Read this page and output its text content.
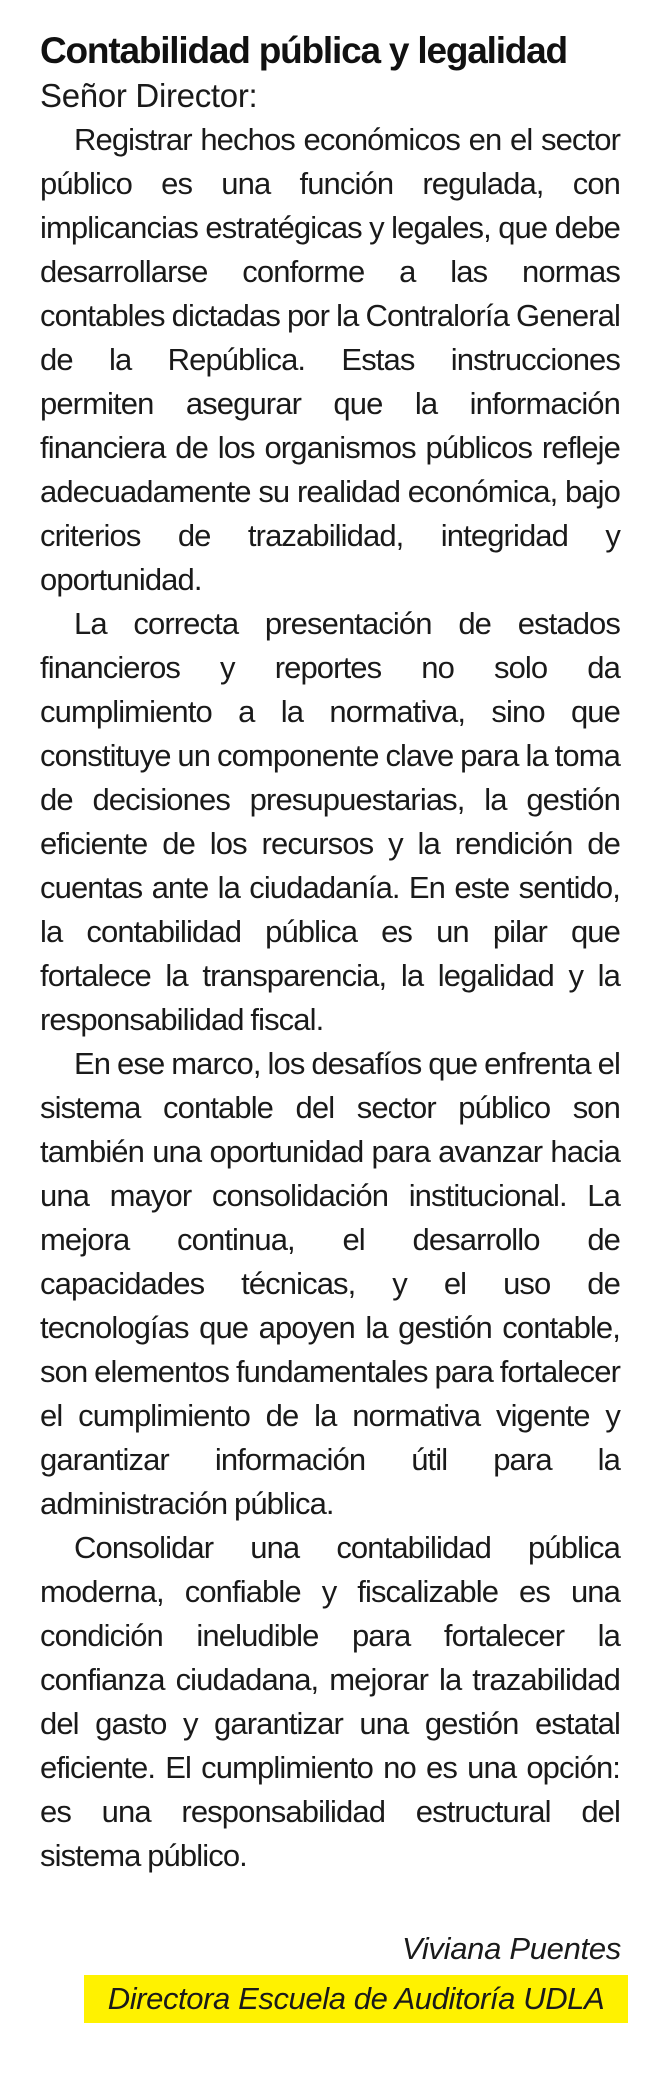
Contabilidad pública y legalidad

Señor Director:

Registrar hechos económicos en el sector público es una función regulada, con implicancias estratégicas y legales, que debe desarrollarse conforme a las normas contables dictadas por la Contraloría General de la República. Estas instrucciones permiten asegurar que la información financiera de los organismos públicos refleje adecuadamente su realidad económica, bajo criterios de trazabilidad, integridad y oportunidad.

La correcta presentación de estados financieros y reportes no solo da cumplimiento a la normativa, sino que constituye un componente clave para la toma de decisiones presupuestarias, la gestión eficiente de los recursos y la rendición de cuentas ante la ciudadanía. En este sentido, la contabilidad pública es un pilar que fortalece la transparencia, la legalidad y la responsabilidad fiscal.

En ese marco, los desafíos que enfrenta el sistema contable del sector público son también una oportunidad para avanzar hacia una mayor consolidación institucional. La mejora continua, el desarrollo de capacidades técnicas, y el uso de tecnologías que apoyen la gestión contable, son elementos fundamentales para fortalecer el cumplimiento de la normativa vigente y garantizar información útil para la administración pública.

Consolidar una contabilidad pública moderna, confiable y fiscalizable es una condición ineludible para fortalecer la confianza ciudadana, mejorar la trazabilidad del gasto y garantizar una gestión estatal eficiente. El cumplimiento no es una opción: es una responsabilidad estructural del sistema público.

Viviana Puentes

Directora Escuela de Auditoría UDLA
